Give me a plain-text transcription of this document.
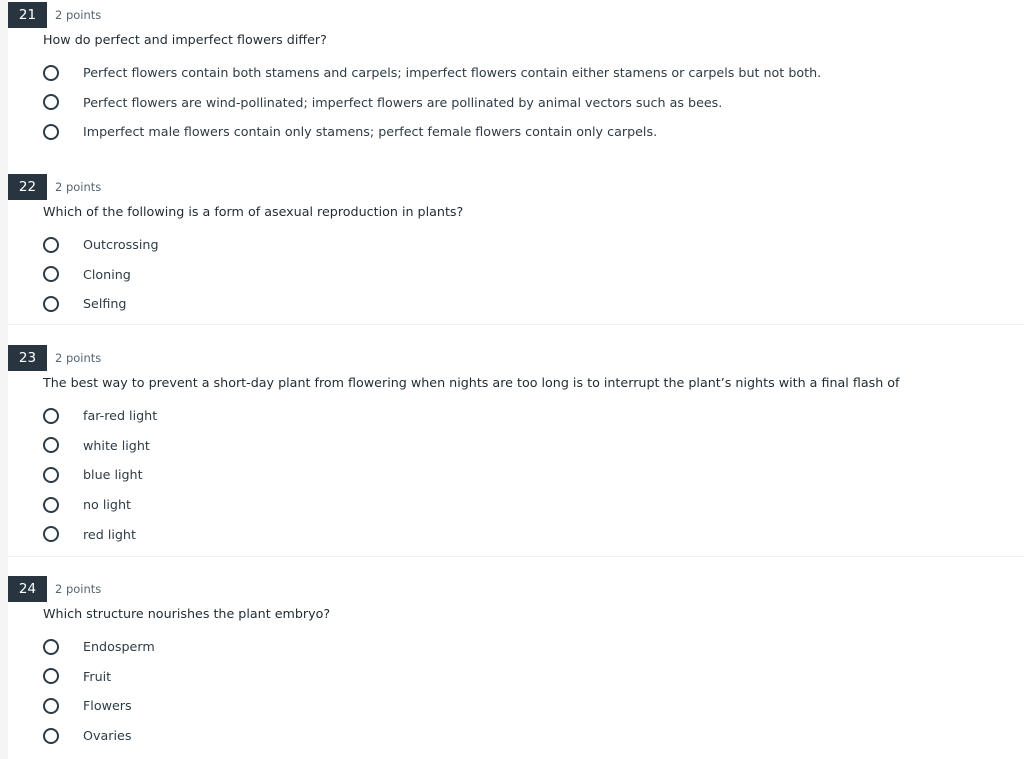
21	2 points
How do perfect and imperfect flowers differ?
Perfect flowers contain both stamens and carpels; imperfect flowers contain either stamens or carpels but not both.
Perfect flowers are wind-pollinated; imperfect flowers are pollinated by animal vectors such as bees.
Imperfect male flowers contain only stamens; perfect female flowers contain only carpels.
22	2 points
Which of the following is a form of asexual reproduction in plants?
Outcrossing
Cloning
Selfing
23	2 points
The best way to prevent a short-day plant from flowering when nights are too long is to interrupt the plant’s nights with a final flash of
far-red light
white light
blue light
no light
red light
24	2 points
Which structure nourishes the plant embryo?
Endosperm
Fruit
Flowers
Ovaries
